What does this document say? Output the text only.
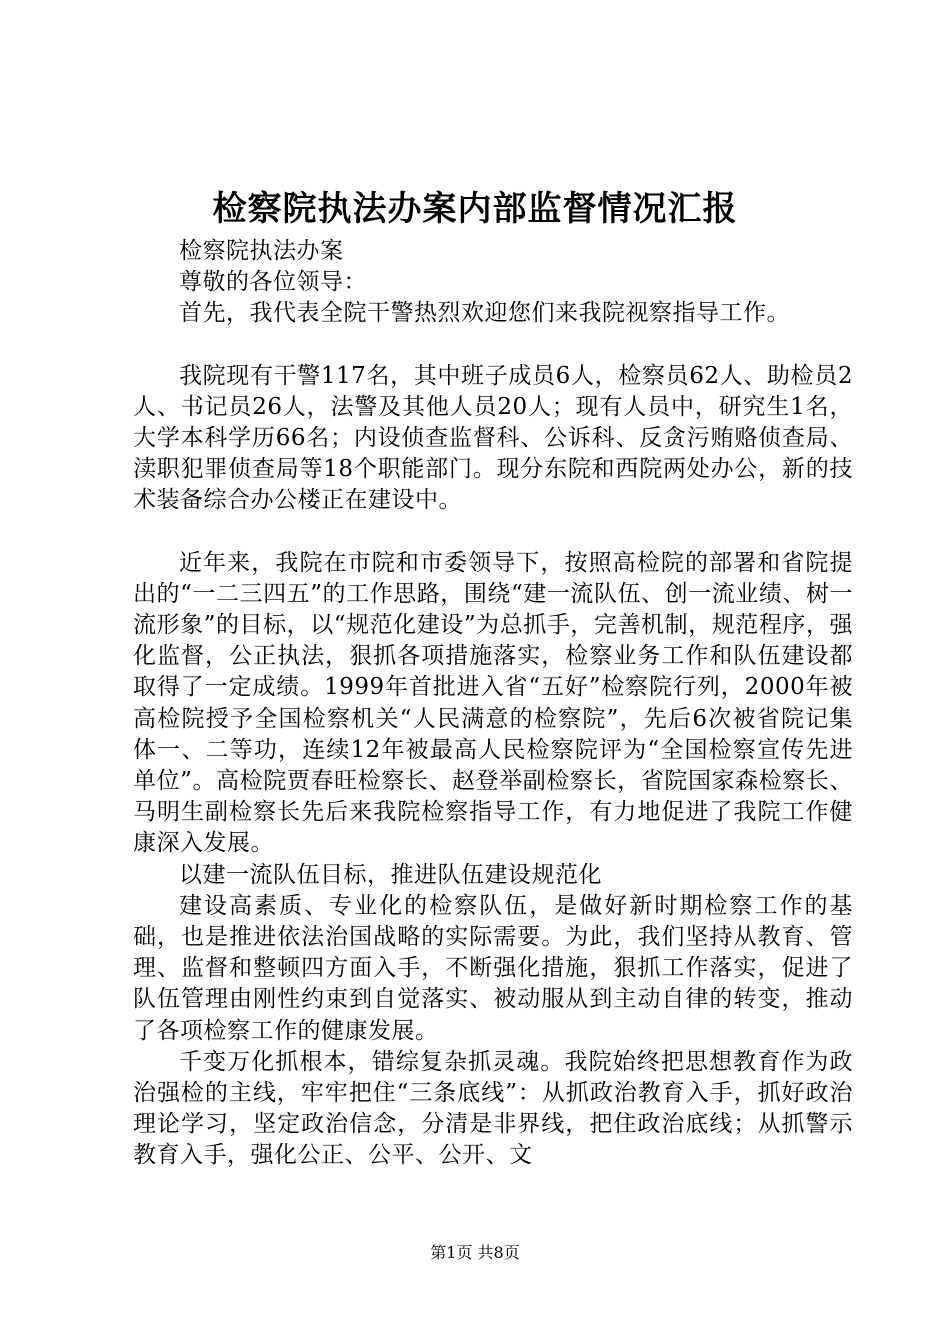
检察院执法办案内部监督情况汇报

检察院执法办案

尊敬的各位领导：

首先，我代表全院干警热烈欢迎您们来我院视察指导工作。

我院现有干警117名，其中班子成员6人，检察员62人、助检员2人、书记员26人，法警及其他人员20人；现有人员中，研究生1名，大学本科学历66名；内设侦查监督科、公诉科、反贪污贿赂侦查局、渎职犯罪侦查局等18个职能部门。现分东院和西院两处办公，新的技术装备综合办公楼正在建设中。

近年来，我院在市院和市委领导下，按照高检院的部署和省院提出的“一二三四五”的工作思路，围绕“建一流队伍、创一流业绩、树一流形象”的目标，以“规范化建设”为总抓手，完善机制，规范程序，强化监督，公正执法，狠抓各项措施落实，检察业务工作和队伍建设都取得了一定成绩。1999年首批进入省“五好”检察院行列，2000年被高检院授予全国检察机关“人民满意的检察院”，先后6次被省院记集体一、二等功，连续12年被最高人民检察院评为“全国检察宣传先进单位”。高检院贾春旺检察长、赵登举副检察长，省院国家森检察长、马明生副检察长先后来我院检察指导工作，有力地促进了我院工作健康深入发展。

以建一流队伍目标，推进队伍建设规范化

建设高素质、专业化的检察队伍，是做好新时期检察工作的基础，也是推进依法治国战略的实际需要。为此，我们坚持从教育、管理、监督和整顿四方面入手，不断强化措施，狠抓工作落实，促进了队伍管理由刚性约束到自觉落实、被动服从到主动自律的转变，推动了各项检察工作的健康发展。

千变万化抓根本，错综复杂抓灵魂。我院始终把思想教育作为政治强检的主线，牢牢把住“三条底线”：从抓政治教育入手，抓好政治理论学习，坚定政治信念，分清是非界线，把住政治底线；从抓警示教育入手，强化公正、公平、公开、文

第1页 共8页
